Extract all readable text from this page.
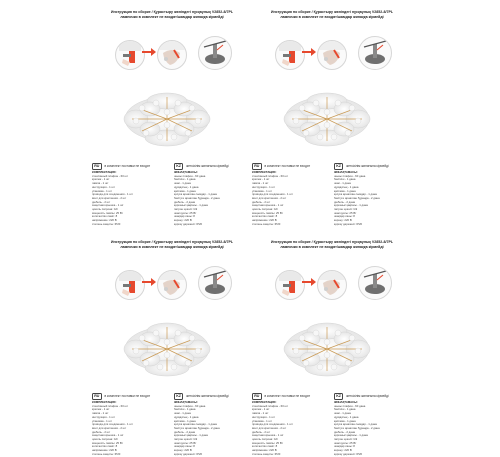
Инструкция по сборке / Құрастыру жөніндегі нұсқаулық V2852-8/7PL
лампочки в комплект не входят/шамдар жинаққа кірмейді
RU в комплект поставки не входят	KZ жеткізілім жинағына кірмейді
КОМПЛЕКТАЦИЯ:
стеклянный плафон - 60 шт
крепеж - 1 шт
лампа - 1 шт
инструкция - 1 шт
упаковка - 1 шт
провода для соединения - 1 шт
винт для крепления - 2 шт
дюбель - 2 шт
защитная крышка - 1 шт
цоколь патрона: G9
мощность лампы: 25 Вт
количество ламп: 8
напряжение: 220 В
степень защиты: IP20
ЖИНАҚТАМАСЫ:
шыны плафон - 60 дана
бекіткіш - 1 дана
шам - 1 дана
нұсқаулық - 1 дана
қаптама - 1 дана
қосуға арналған сымдар - 1 дана
бекітуге арналған бұранда - 2 дана
дюбель - 2 дана
қорғаныс қақпағы - 1 дана
патрон цоколі: G9
шам қуаты: 25 Вт
шамдар саны: 8
кернеу: 220 В
қорғау дәрежесі: IP20
Инструкция по сборке / Құрастыру жөніндегі нұсқаулық V2852-8/7PL
лампочки в комплект не входят/шамдар жинаққа кірмейді
RU в комплект поставки не входят	KZ жеткізілім жинағына кірмейді
КОМПЛЕКТАЦИЯ:
стеклянный плафон - 60 шт
крепеж - 1 шт
лампа - 1 шт
инструкция - 1 шт
упаковка - 1 шт
провода для соединения - 1 шт
винт для крепления - 2 шт
дюбель - 2 шт
защитная крышка - 1 шт
цоколь патрона: G9
мощность лампы: 25 Вт
количество ламп: 8
напряжение: 220 В
степень защиты: IP20
ЖИНАҚТАМАСЫ:
шыны плафон - 60 дана
бекіткіш - 1 дана
шам - 1 дана
нұсқаулық - 1 дана
қаптама - 1 дана
қосуға арналған сымдар - 1 дана
бекітуге арналған бұранда - 2 дана
дюбель - 2 дана
қорғаныс қақпағы - 1 дана
патрон цоколі: G9
шам қуаты: 25 Вт
шамдар саны: 8
кернеу: 220 В
қорғау дәрежесі: IP20
Инструкция по сборке / Құрастыру жөніндегі нұсқаулық V2852-8/7PL
лампочки в комплект не входят/шамдар жинаққа кірмейді
RU в комплект поставки не входят	KZ жеткізілім жинағына кірмейді
КОМПЛЕКТАЦИЯ:
стеклянный плафон - 60 шт
крепеж - 1 шт
лампа - 1 шт
инструкция - 1 шт
упаковка - 1 шт
провода для соединения - 1 шт
винт для крепления - 2 шт
дюбель - 2 шт
защитная крышка - 1 шт
цоколь патрона: G9
мощность лампы: 25 Вт
количество ламп: 8
напряжение: 220 В
степень защиты: IP20
ЖИНАҚТАМАСЫ:
шыны плафон - 60 дана
бекіткіш - 1 дана
шам - 1 дана
нұсқаулық - 1 дана
қаптама - 1 дана
қосуға арналған сымдар - 1 дана
бекітуге арналған бұранда - 2 дана
дюбель - 2 дана
қорғаныс қақпағы - 1 дана
патрон цоколі: G9
шам қуаты: 25 Вт
шамдар саны: 8
кернеу: 220 В
қорғау дәрежесі: IP20
Инструкция по сборке / Құрастыру жөніндегі нұсқаулық V2852-8/7PL
лампочки в комплект не входят/шамдар жинаққа кірмейді
RU в комплект поставки не входят	KZ жеткізілім жинағына кірмейді
КОМПЛЕКТАЦИЯ:
стеклянный плафон - 60 шт
крепеж - 1 шт
лампа - 1 шт
инструкция - 1 шт
упаковка - 1 шт
провода для соединения - 1 шт
винт для крепления - 2 шт
дюбель - 2 шт
защитная крышка - 1 шт
цоколь патрона: G9
мощность лампы: 25 Вт
количество ламп: 8
напряжение: 220 В
степень защиты: IP20
ЖИНАҚТАМАСЫ:
шыны плафон - 60 дана
бекіткіш - 1 дана
шам - 1 дана
нұсқаулық - 1 дана
қаптама - 1 дана
қосуға арналған сымдар - 1 дана
бекітуге арналған бұранда - 2 дана
дюбель - 2 дана
қорғаныс қақпағы - 1 дана
патрон цоколі: G9
шам қуаты: 25 Вт
шамдар саны: 8
кернеу: 220 В
қорғау дәрежесі: IP20
